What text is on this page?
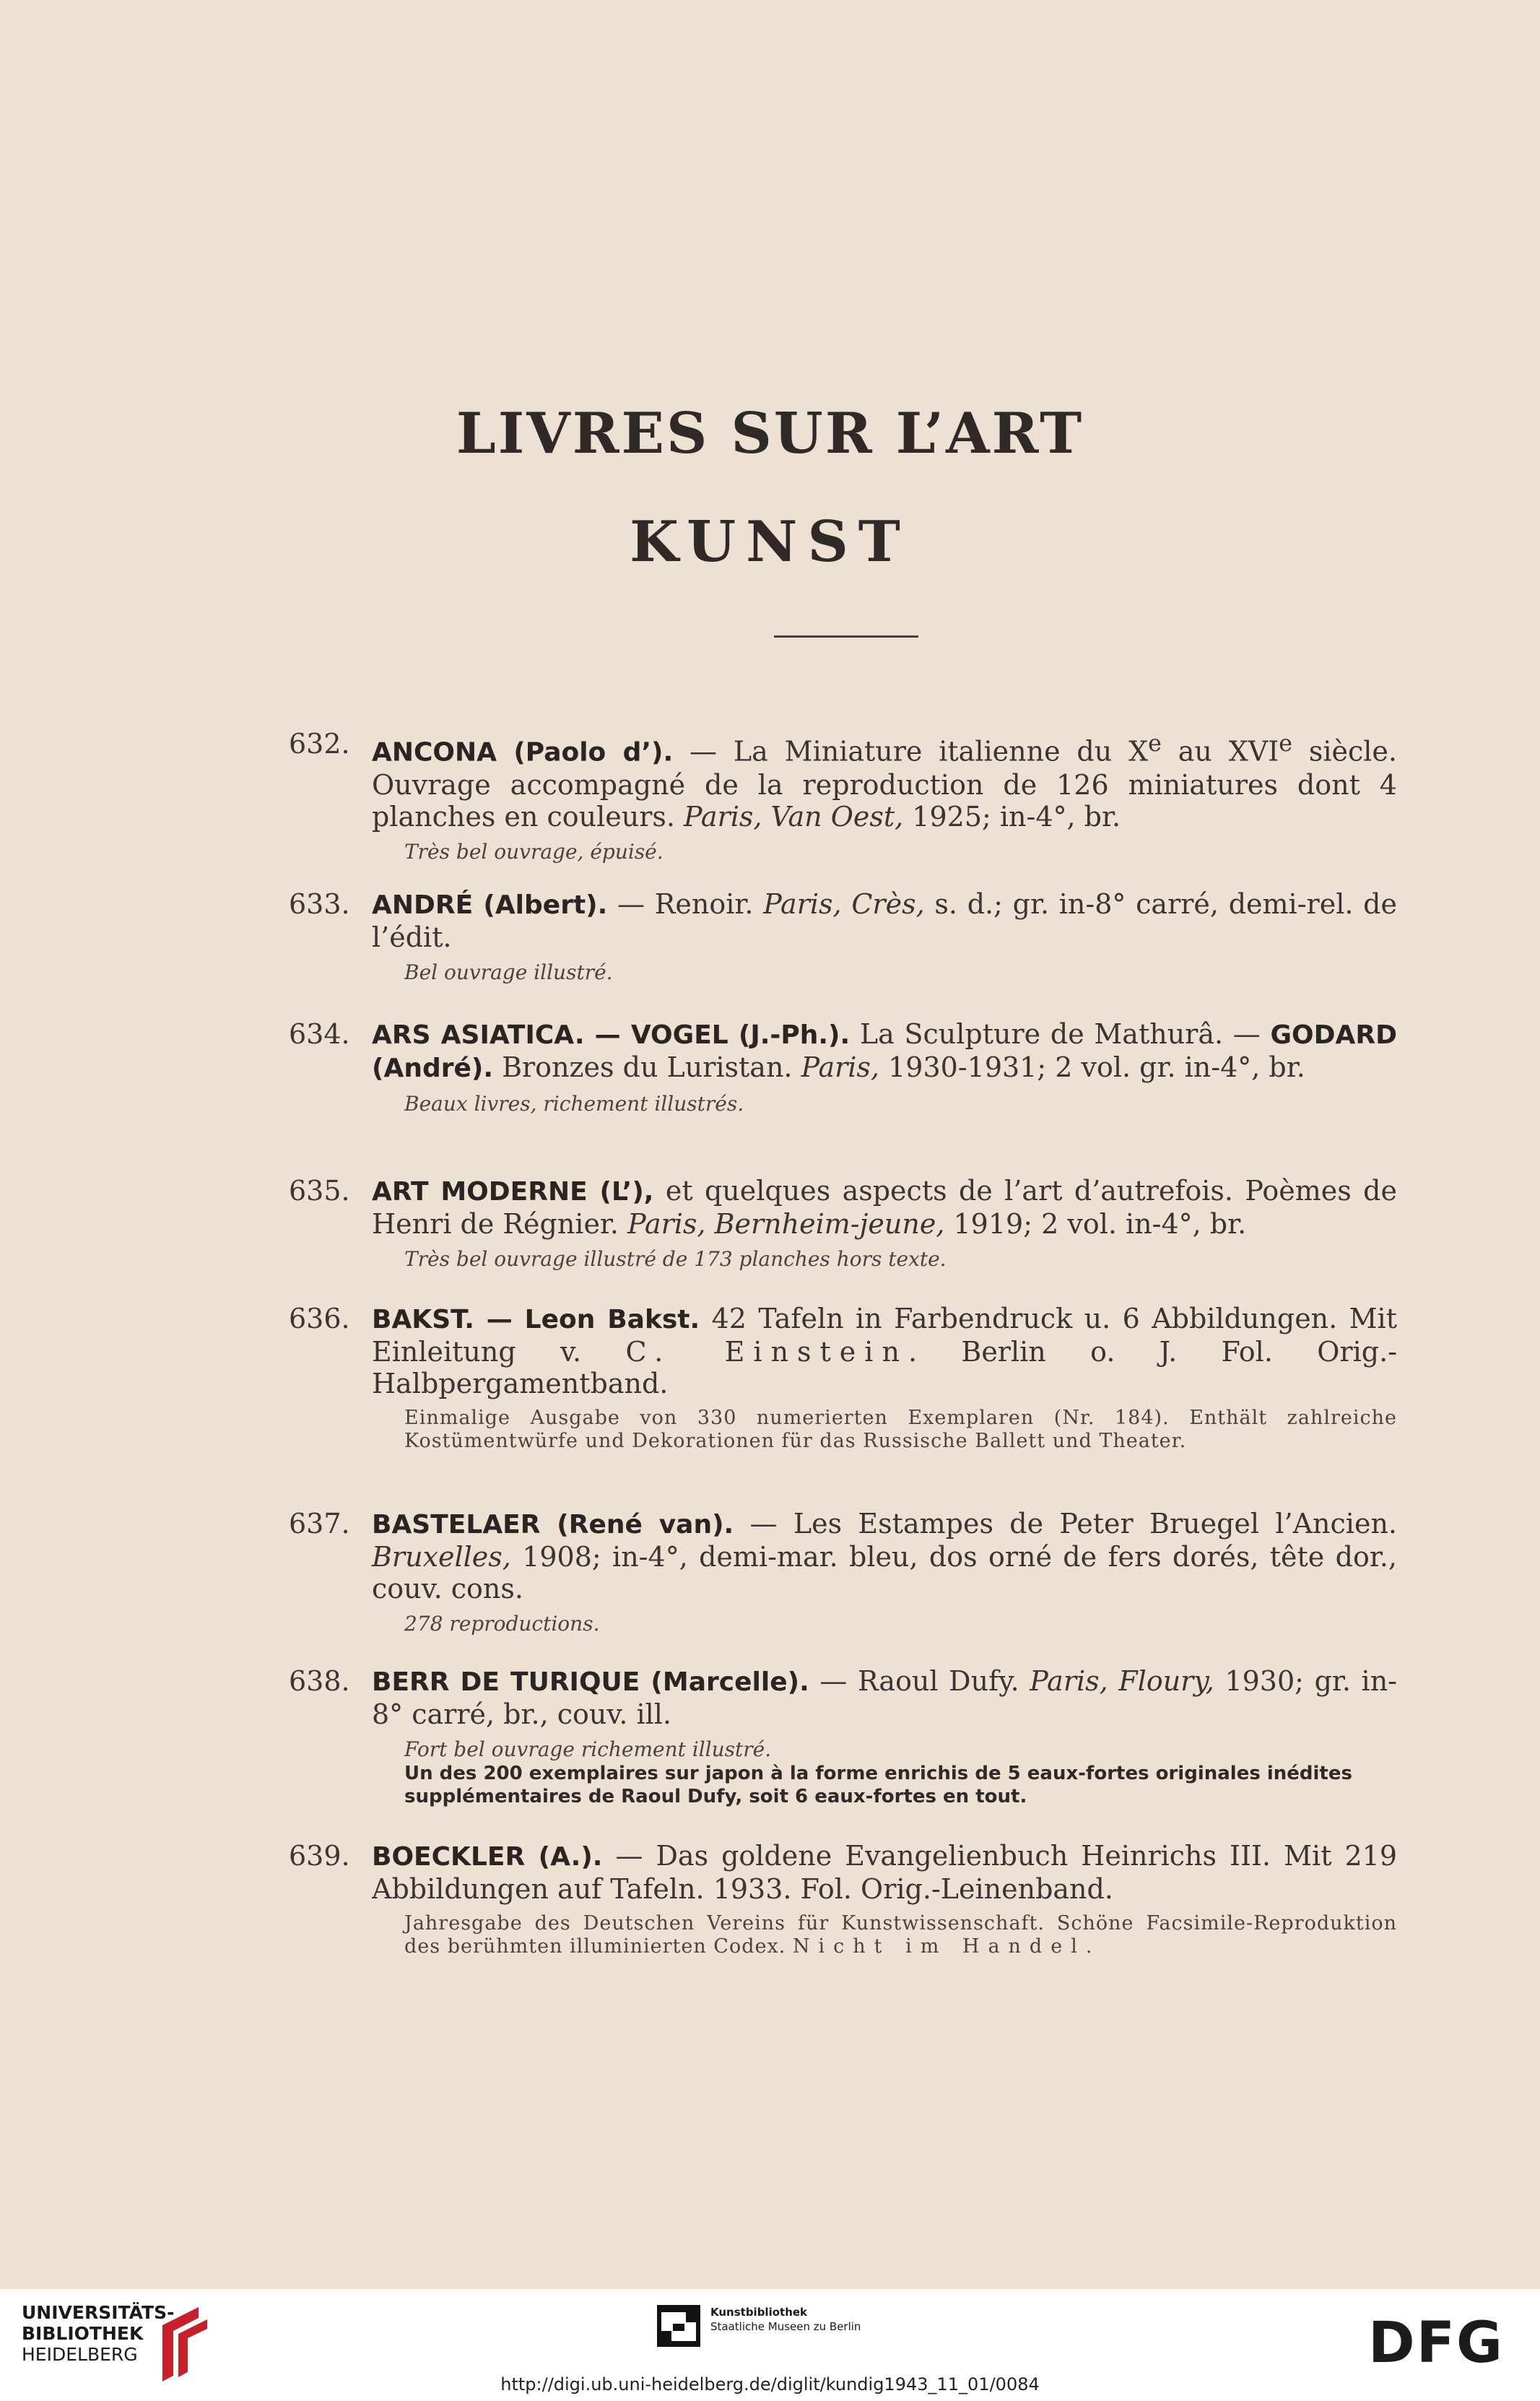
LIVRES SUR L’ART
KUNST
632. ANCONA (Paolo d’). — La Miniature italienne du Xe au XVIe siècle. Ouvrage accompagné de la reproduction de 126 miniatures dont 4 planches en couleurs. Paris, Van Oest, 1925; in-4°, br.
Très bel ouvrage, épuisé.
633. ANDRÉ (Albert). — Renoir. Paris, Crès, s. d.; gr. in-8° carré, demi-rel. de l’édit.
Bel ouvrage illustré.
634. ARS ASIATICA. — VOGEL (J.-Ph.). La Sculpture de Mathurâ. — GODARD (André). Bronzes du Luristan. Paris, 1930-1931; 2 vol. gr. in-4°, br.
Beaux livres, richement illustrés.
635. ART MODERNE (L’), et quelques aspects de l’art d’autrefois. Poèmes de Henri de Régnier. Paris, Bernheim-jeune, 1919; 2 vol. in-4°, br.
Très bel ouvrage illustré de 173 planches hors texte.
636. BAKST. — Leon Bakst. 42 Tafeln in Farbendruck u. 6 Abbildungen. Mit Einleitung v. C. Einstein. Berlin o. J. Fol. Orig.-Halbpergamentband.
Einmalige Ausgabe von 330 numerierten Exemplaren (Nr. 184). Enthält zahlreiche Kostümentwürfe und Dekorationen für das Russische Ballett und Theater.
637. BASTELAER (René van). — Les Estampes de Peter Bruegel l’Ancien. Bruxelles, 1908; in-4°, demi-mar. bleu, dos orné de fers dorés, tête dor., couv. cons.
278 reproductions.
638. BERR DE TURIQUE (Marcelle). — Raoul Dufy. Paris, Floury, 1930; gr. in-8° carré, br., couv. ill.
Fort bel ouvrage richement illustré.
Un des 200 exemplaires sur japon à la forme enrichis de 5 eaux-fortes originales inédites supplémentaires de Raoul Dufy, soit 6 eaux-fortes en tout.
639. BOECKLER (A.). — Das goldene Evangelienbuch Heinrichs III. Mit 219 Abbildungen auf Tafeln. 1933. Fol. Orig.-Leinenband.
Jahresgabe des Deutschen Vereins für Kunstwissenschaft. Schöne Facsimile-Reproduktion des berühmten illuminierten Codex. Nicht im Handel.
UNIVERSITÄTS-
BIBLIOTHEK
HEIDELBERG
Kunstbibliothek
Staatliche Museen zu Berlin	DFG
http://digi.ub.uni-heidelberg.de/diglit/kundig1943_11_01/0084
